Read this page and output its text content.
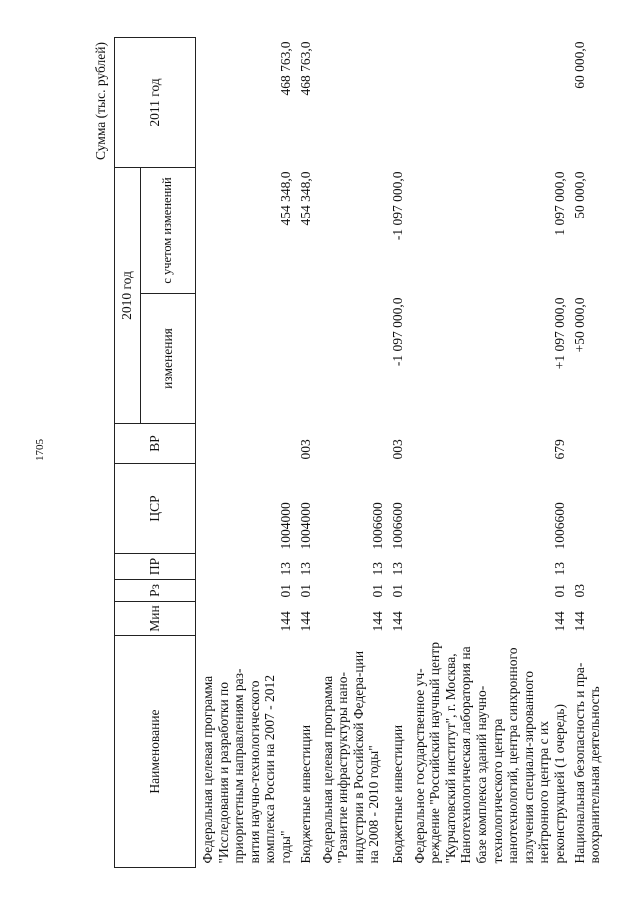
1705
Сумма (тыс. рублей)
Наименование	Мин	Рз	ПР	ЦСР	ВР	2010 год		2011 год
						изменения	с учетом изменений	
Федеральная целевая программа "Исследования и разработки по приоритетным направлениям раз-вития научно-технологического комплекса России на 2007 - 2012 годы"	144	01	13	1004000			454 348,0	468 763,0
Бюджетные инвестиции	144	01	13	1004000	003		454 348,0	468 763,0
Федеральная целевая программа "Развитие инфраструктуры нано-индустрии в Российской Федера-ции на 2008 - 2010 годы"	144	01	13	1006600				
Бюджетные инвестиции	144	01	13	1006600	003	-1 097 000,0	-1 097 000,0	
Федеральное государственное уч-реждение "Российский научный центр "Курчатовский институт", г. Москва, Нанотехнологическая лаборатория на базе комплекса зданий научно-технологического центра нанотехнологий, центра синхронного излучения специали-зированного нейтронного центра с их реконструкцией (1 очередь)	144	01	13	1006600	679	+1 097 000,0	1 097 000,0	
Национальная безопасность и пра-воохранительная деятельность	144	03				+50 000,0	50 000,0	60 000,0
